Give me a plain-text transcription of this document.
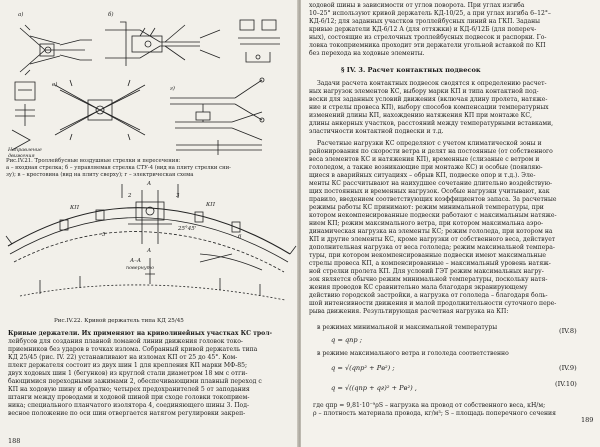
а)	б)
в)
г)
Направление движения
Рис.IV.21. Троллейбусные воздушные стрелки и пересечения:
а – входная стрелка; б – управляемая стрелка СТУ-4 (вид на плиту стрелки сни-
зу); в – крестовина (вид на плиту сверху); г – электрическая схема
А
А
КП	КП
25°45'
2	3
5	6
А–А
повернуто
Рис.IV.22. Кривой держатель типа КД 25/45
Кривые держатели. Их применяют на криволинейных участках КС трол-
лейбусов для создания плавной ломаной линии движения головок токо-
приемников без ударов в точках излома. Собранный кривой держатель типа
КД 25/45 (рис. IV. 22) устанавливают на изломах КП от 25 до 45°. Ком-
плект держателя состоит из двух шин 1 для крепления КП марки МФ-85;
двух ходовых шин 1 (бегунков) из круглой стали диаметром 18 мм с отги-
бающимися переходными зажимами 2, обеспечивающими плавный переход с
КП на ходовую шину и обратно; четырех предохранителей 5 от заподания
штанги между проводами и ходовой шиной при сходе головки токоприем-
ника; специального планчатого изолятора 4, соединяющего шины 3. Под-
весное положение по оси шин отвергается натягом регулировки закреп-
188
ходовой шины в зависимости от углов поворота. При углах изгиба
10–25° используют кривой держатель КД-10/25, а при углах изгиба 6–12°–
КД-6/12; для заданных участков троллейбусных линий на ГКП. Заданы
кривые держатели КД-6/12 А (для оттяжки) и КД-6/12Б (для попереч-
ных), состоящие из стрелочных троллейбусных подвесок и распорки. Го-
ловка токоприемника проходит эти держатели угольной вставкой по КП
без перехода на ходовые элементы.
§ IV. 3. Расчет контактных подвесок
Задачи расчета контактных подвесок сводятся к определению расчет-
ных нагрузок элементов КС, выбору марки КП и типа контактной под-
вески для заданных условий движения (включая длину пролета, натяже-
ние и стрелы провеса КП), выбору способов компенсации температурных
изменений длины КП, нахождению натяжения КП при монтаже КС,
длины анкерных участков, расстояний между температурными вставками,
эластичности контактной подвески и т.д.
Расчетные нагрузки КС определяют с учетом климатической зоны и
районирования по скорости ветра и делят на постоянные (от собственного
веса элементов КС и натяжения КП), временные (слизаные с ветром и
гололедом, а также возникающие при монтаже КС) и особые (появляю-
щиеся в аварийных ситуациях – обрыв КП, подвеске опор и т.д.). Эле-
менты КС рассчитывают на наихудшее сочетание длительно воздействую-
щих постоянных и временных нагрузок. Особые нагрузки учитывают, как
правило, введением соответствующих коэффициентов запаса. За расчетные
режимы работы КС принимают: режим минимальной температуры, при
котором некомпенсированные подвески работают с максимальным натяже-
нием КП; режим максимального ветра, при котором максимальна аэро-
динамическая нагрузка на элементы КС; режим гололеда, при котором на
КП и другие элементы КС, кроме нагрузки от собственного веса, действует
дополнительная нагрузка от веса гололеда; режим максимальной темпера-
туры, при котором некомпенсированные подвески имеют максимальные
стрелы провеса КП, а компенсированные – максимальный уровень натяж-
ной стрелки пролета КП. Для условий ГЭТ режим максимальных нагру-
зок является обычно режим минимальной температуры, поскольку натя-
жения проводов КС сравнительно мала благодаря экранирующему
действию городской застройки, а нагрузка от гололеда – благодаря боль-
шой интенсивности движения и малой продолжительности суточного пере-
рыва движения. Результирующая расчетная нагрузка на КП:
в режимах минимальной и максимальной температуры
q = qпр ;
(IV.8)
в режиме максимального ветра и гололеда соответственно
q = √(qпр² + Pв²) ;	(IV.9)
q = √((qпр + qг)² + Pв²) ,	(IV.10)
где qпр = 9,81·10⁻⁹ρS – нагрузка на провод от собственного веса, кН/м;
ρ – плотность материала провода, кг/м³; S – площадь поперечного сечения
189
